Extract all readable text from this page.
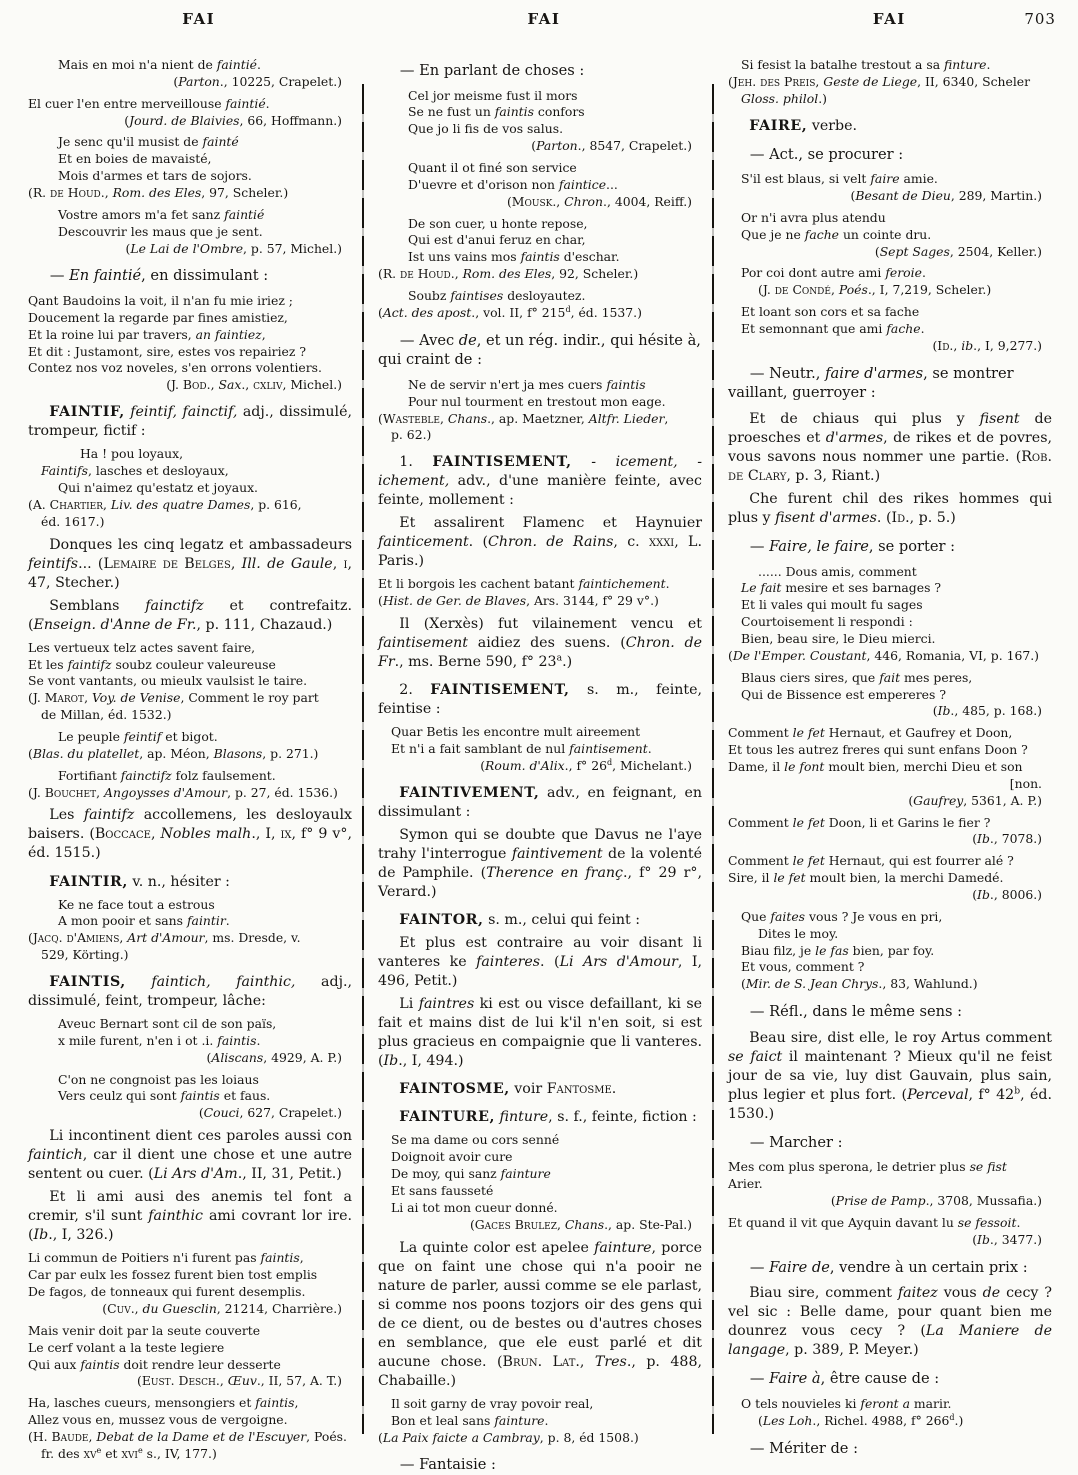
FAI	FAI	FAI	703
Mais en moi n'a nient de faintié.
(Parton., 10225, Crapelet.)
El cuer l'en entre merveillouse faintié.
(Jourd. de Blaivies, 66, Hoffmann.)
Je senc qu'il musist de fainté
Et en boies de mavaisté,
Mois d'armes et tars de sojors.
(R. de Houd., Rom. des Eles, 97, Scheler.)
Vostre amors m'a fet sanz faintié
Descouvrir les maus que je sent.
(Le Lai de l'Ombre, p. 57, Michel.)
— En faintié, en dissimulant :
Qant Baudoins la voit, il n'an fu mie iriez ;
Doucement la regarde par fines amistiez,
Et la roine lui par travers, an faintiez,
Et dit : Justamont, sire, estes vos repairiez ?
Contez nos voz noveles, s'en orrons volentiers.
(J. Bod., Sax., cxliv, Michel.)
FAINTIF, feintif, fainctif, adj., dissimulé, trompeur, fictif :
Ha ! pou loyaux,
Faintifs, lasches et desloyaux,
Qui n'aimez qu'estatz et joyaux.
(A. Chartier, Liv. des quatre Dames, p. 616,
éd. 1617.)
Donques les cinq legatz et ambassadeurs feintifs... (Lemaire de Belges, Ill. de Gaule, i, 47, Stecher.)
Semblans fainctifz et contrefaitz. (Enseign. d'Anne de Fr., p. 111, Chazaud.)
Les vertueux telz actes savent faire,
Et les faintifz soubz couleur valeureuse
Se vont vantants, ou mieulx vaulsist le taire.
(J. Marot, Voy. de Venise, Comment le roy part
de Millan, éd. 1532.)
Le peuple feintif et bigot.
(Blas. du platellet, ap. Méon, Blasons, p. 271.)
Fortifiant fainctifz folz faulsement.
(J. Bouchet, Angoysses d'Amour, p. 27, éd. 1536.)
Les faintifz accollemens, les desloyaulx baisers. (Boccace, Nobles malh., I, ix, f° 9 v°, éd. 1515.)
FAINTIR, v. n., hésiter :
Ke ne face tout a estrous
A mon pooir et sans faintir.
(Jacq. d'Amiens, Art d'Amour, ms. Dresde, v.
529, Körting.)
FAINTIS, faintich, fainthic, adj., dissimulé, feint, trompeur, lâche:
Aveuc Bernart sont cil de son païs,
x mile furent, n'en i ot .i. faintis.
(Aliscans, 4929, A. P.)
C'on ne congnoist pas les loiaus
Vers ceulz qui sont faintis et faus.
(Couci, 627, Crapelet.)
Li incontinent dient ces paroles aussi con faintich, car il dient une chose et une autre sentent ou cuer. (Li Ars d'Am., II, 31, Petit.)
Et li ami ausi des anemis tel font a cremir, s'il sunt fainthic ami covrant lor ire. (Ib., I, 326.)
Li commun de Poitiers n'i furent pas faintis,
Car par eulx les fossez furent bien tost emplis
De fagos, de tonneaux qui furent desemplis.
(Cuv., du Guesclin, 21214, Charrière.)
Mais venir doit par la seute couverte
Le cerf volant a la teste legiere
Qui aux faintis doit rendre leur desserte
(Eust. Desch., Œuv., II, 57, A. T.)
Ha, lasches cueurs, mensongiers et faintis,
Allez vous en, mussez vous de vergoigne.
(H. Baude, Debat de la Dame et de l'Escuyer, Poés.
fr. des $xv^e$ et xvi$^e$ s., IV, 177.)
— En parlant de choses :
Cel jor meisme fust il mors
Se ne fust un faintis confors
Que jo li fis de vos salus.
(Parton., 8547, Crapelet.)
Quant il ot finé son service
D'uevre et d'orison non faintice...
(Mousk., Chron., 4004, Reiff.)
De son cuer, u honte repose,
Qui est d'anui feruz en char,
Ist uns vains mos faintis d'eschar.
(R. de Houd., Rom. des Eles, 92, Scheler.)
Soubz faintises desloyautez.
(Act. des apost., vol. II, f° 215$^d$, éd. 1537.)
— Avec de, et un rég. indir., qui hésite à, qui craint de :
Ne de servir n'ert ja mes cuers faintis
Pour nul tourment en trestout mon eage.
(Wasteble, Chans., ap. Maetzner, Altfr. Lieder,
p. 62.)
1. FAINTISEMENT, - icement, - ichement, adv., d'une manière feinte, avec feinte, mollement :
Et assalirent Flamenc et Haynuier fainticement. (Chron. de Rains, c. xxxi, L. Paris.)
Et li borgois les cachent batant faintichement.
(Hist. de Ger. de Blaves, Ars. 3144, f° 29 v°.)
Il (Xerxès) fut vilainement vencu et faintisement aidiez des suens. (Chron. de Fr., ms. Berne 590, f° 23$^a$.)
2. FAINTISEMENT, s. m., feinte, feintise :
Quar Betis les encontre mult aireement
Et n'i a fait samblant de nul faintisement.
(Roum. d'Alix., f° 26$^d$, Michelant.)
FAINTIVEMENT, adv., en feignant, en dissimulant :
Symon qui se doubte que Davus ne l'aye trahy l'interrogue faintivement de la volenté de Pamphile. (Therence en franç., f° 29 r°, Verard.)
FAINTOR, s. m., celui qui feint :
Et plus est contraire au voir disant li vanteres ke fainteres. (Li Ars d'Amour, I, 496, Petit.)
Li faintres ki est ou visce defaillant, ki se fait et mains dist de lui k'il n'en soit, si est plus gracieus en compaignie que li vanteres. (Ib., I, 494.)
FAINTOSME, voir Fantosme.
FAINTURE, finture, s. f., feinte, fiction :
Se ma dame ou cors senné
Doignoit avoir cure
De moy, qui sanz fainture
Et sans fausseté
Li ai tot mon cueur donné.
(Gaces Brulez, Chans., ap. Ste-Pal.)
La quinte color est apelee fainture, porce que on faint une chose qui n'a pooir ne nature de parler, aussi comme se ele parlast, si comme nos poons tozjors oir des gens qui de ce dient, ou de bestes ou d'autres choses en semblance, que ele eust parlé et dit aucune chose. (Brun. Lat., Tres., p. 488, Chabaille.)
Il soit garny de vray povoir real,
Bon et leal sans fainture.
(La Paix faicte a Cambray, p. 8, éd 1508.)
— Fantaisie :
Si fesist la batalhe trestout a sa finture.
(Jeh. des Preis, Geste de Liege, II, 6340, Scheler
Gloss. philol.)
FAIRE, verbe.
— Act., se procurer :
S'il est blaus, si velt faire amie.
(Besant de Dieu, 289, Martin.)
Or n'i avra plus atendu
Que je ne fache un cointe dru.
(Sept Sages, 2504, Keller.)
Por coi dont autre ami feroie.
(J. de Condé, Poés., I, 7,219, Scheler.)
Et loant son cors et sa fache
Et semonnant que ami fache.
(Id., ib., I, 9,277.)
— Neutr., faire d'armes, se montrer vaillant, guerroyer :
Et de chiaus qui plus y fisent de proesches et d'armes, de rikes et de povres, vous savons nous nommer une partie. (Rob. de Clary, p. 3, Riant.)
Che furent chil des rikes hommes qui plus y fisent d'armes. (Id., p. 5.)
— Faire, le faire, se porter :
...... Dous amis, comment
Le fait mesire et ses barnages ?
Et li vales qui moult fu sages
Courtoisement li respondi :
Bien, beau sire, le Dieu mierci.
(De l'Emper. Coustant, 446, Romania, VI, p. 167.)
Blaus ciers sires, que fait mes peres,
Qui de Bissence est empereres ?
(Ib., 485, p. 168.)
Comment le fet Hernaut, et Gaufrey et Doon,
Et tous les autrez freres qui sunt enfans Doon ?
Dame, il le font moult bien, merchi Dieu et son
[non.
(Gaufrey, 5361, A. P.)
Comment le fet Doon, li et Garins le fier ?
(Ib., 7078.)
Comment le fet Hernaut, qui est fourrer alé ?
Sire, il le fet moult bien, la merchi Damedé.
(Ib., 8006.)
Que faites vous ? Je vous en pri,
Dites le moy.
Biau filz, je le fas bien, par foy.
Et vous, comment ?
(Mir. de S. Jean Chrys., 83, Wahlund.)
— Réfl., dans le même sens :
Beau sire, dist elle, le roy Artus comment se faict il maintenant ? Mieux qu'il ne feist jour de sa vie, luy dist Gauvain, plus sain, plus legier et plus fort. (Perceval, f° 42$^b$, éd. 1530.)
— Marcher :
Mes com plus sperona, le detrier plus se fist
Arier.
(Prise de Pamp., 3708, Mussafia.)
Et quand il vit que Ayquin davant lu se fessoit.
(Ib., 3477.)
— Faire de, vendre à un certain prix :
Biau sire, comment faitez vous de cecy ? vel sic : Belle dame, pour quant bien me dounrez vous cecy ? (La Maniere de langage, p. 389, P. Meyer.)
— Faire à, être cause de :
O tels nouvieles ki feront a marir.
(Les Loh., Richel. 4988, f° 266$^d$.)
— Mériter de :
